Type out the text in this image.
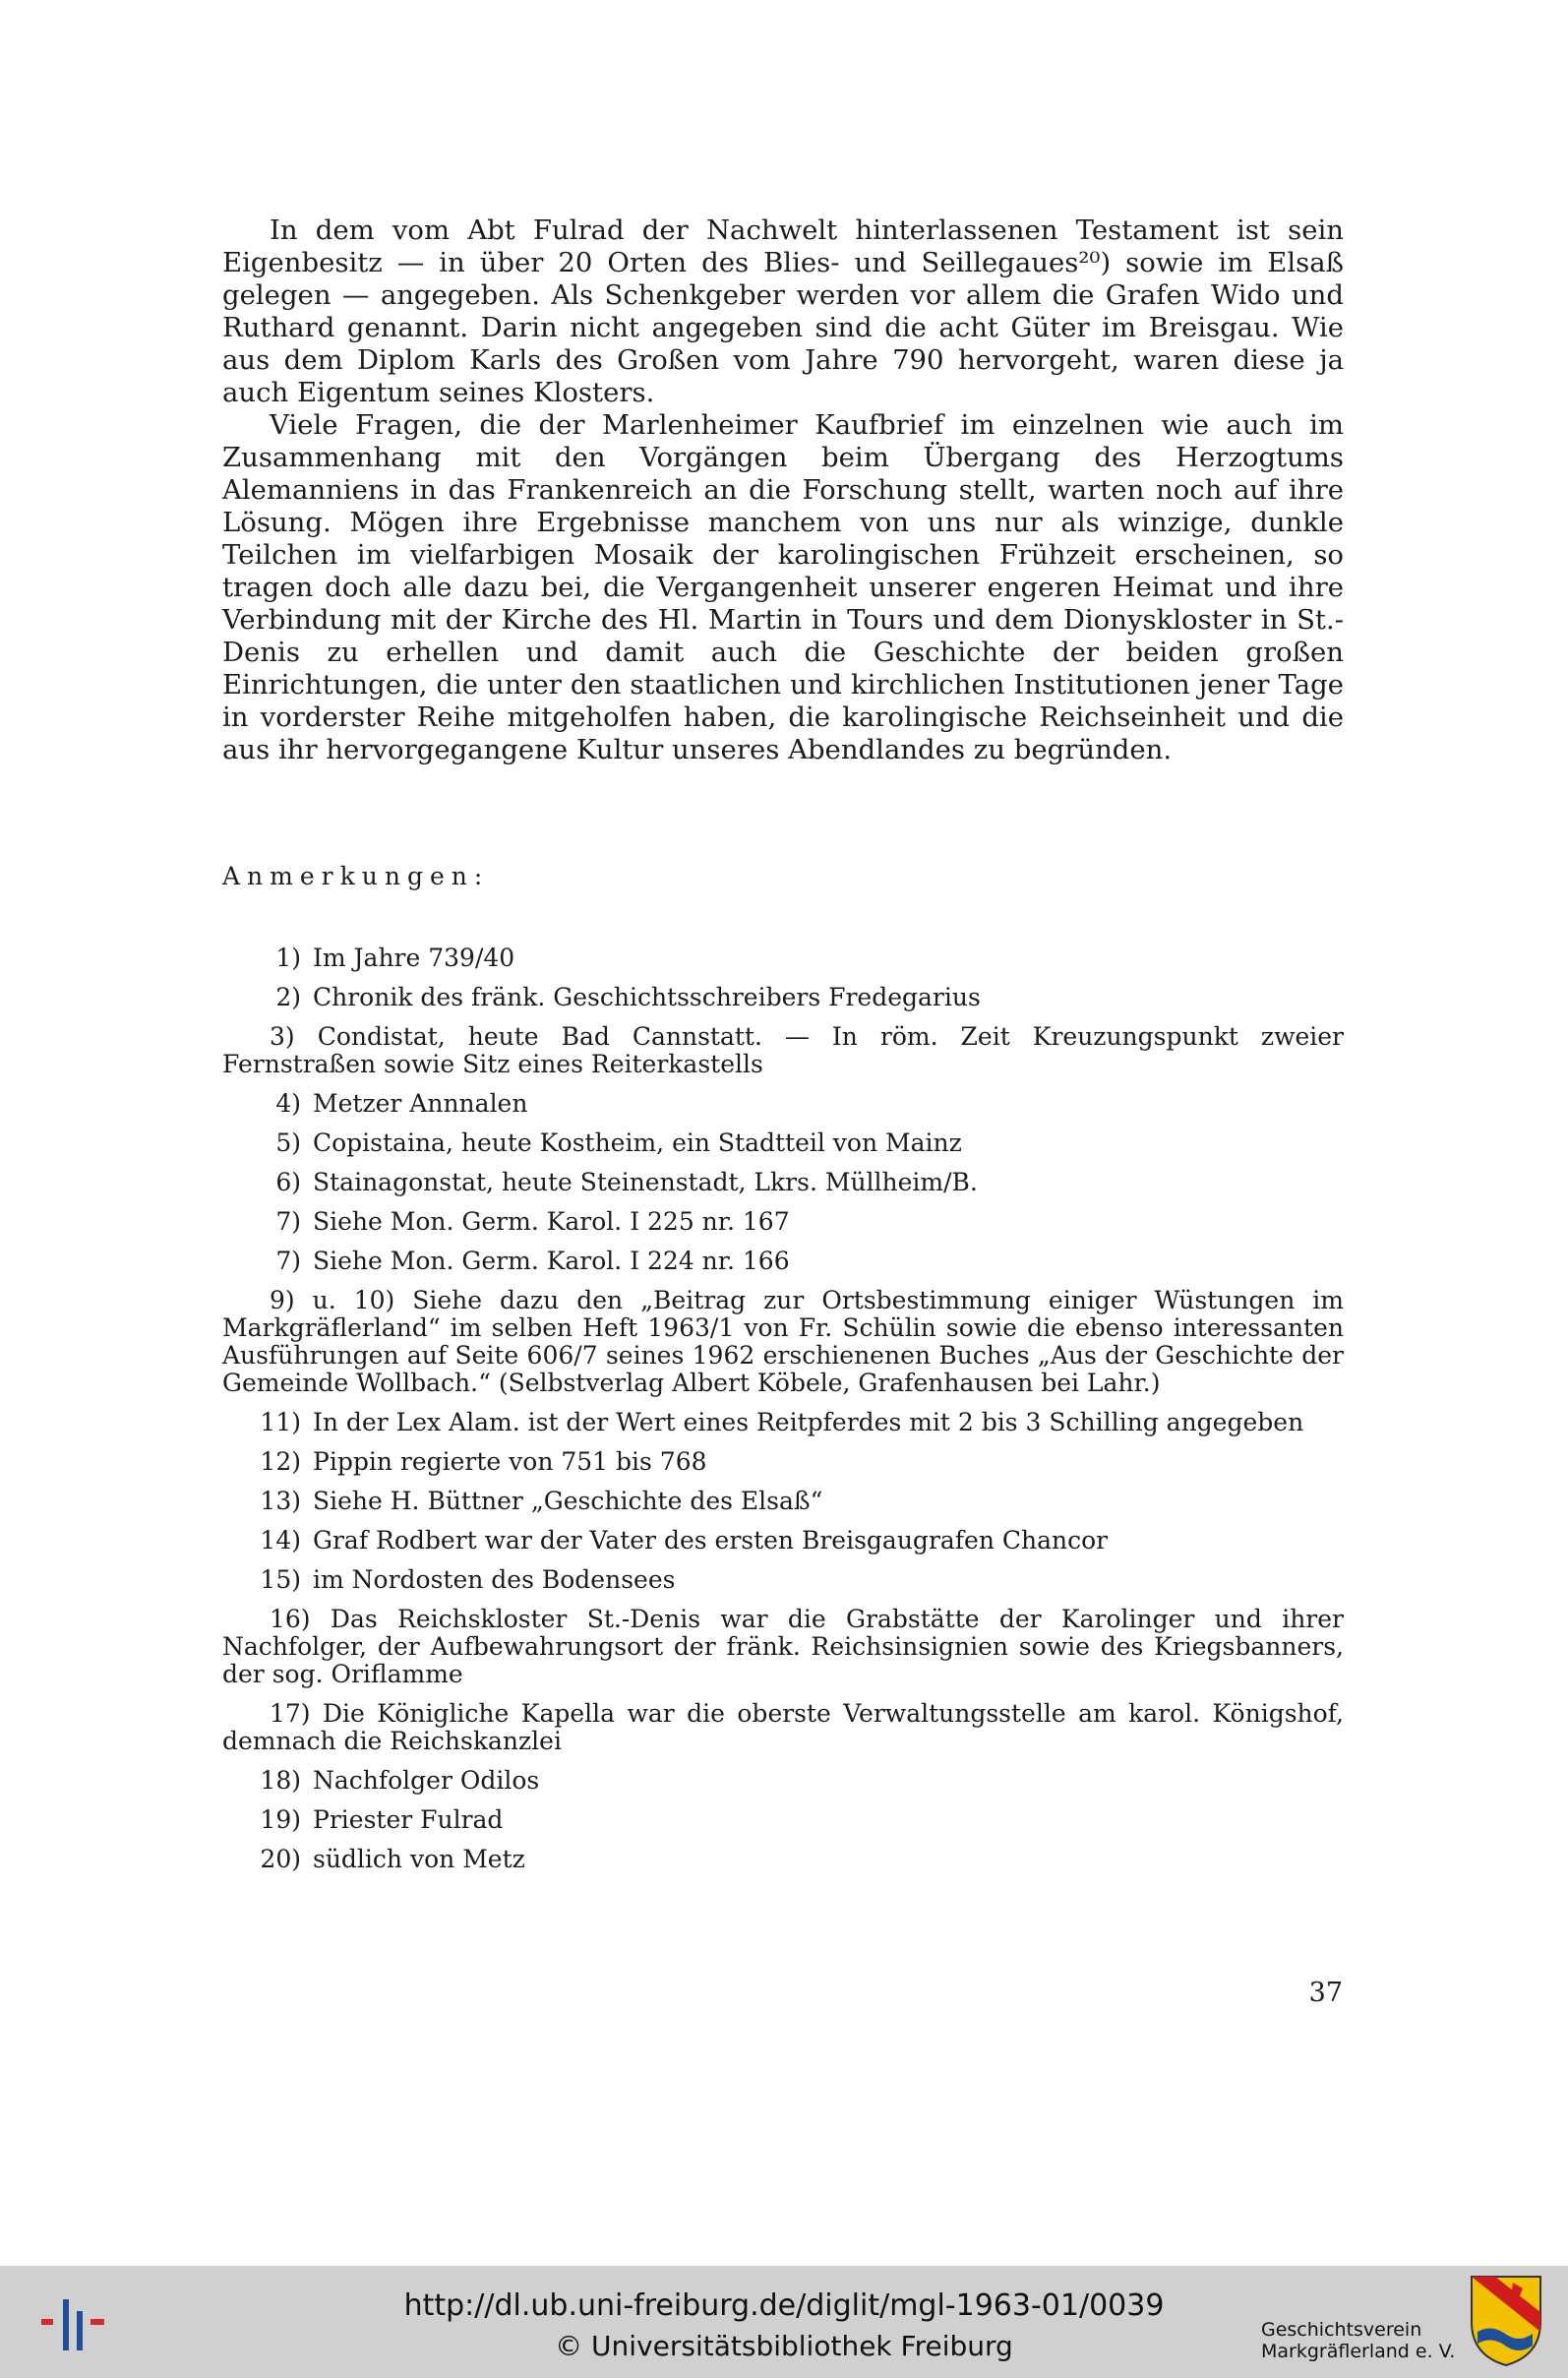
In dem vom Abt Fulrad der Nachwelt hinterlassenen Testament ist sein Eigenbesitz — in über 20 Orten des Blies- und Seillegaues²⁰) sowie im Elsaß gelegen — angegeben. Als Schenkgeber werden vor allem die Grafen Wido und Ruthard genannt. Darin nicht angegeben sind die acht Güter im Breisgau. Wie aus dem Diplom Karls des Großen vom Jahre 790 hervorgeht, waren diese ja auch Eigentum seines Klosters.

Viele Fragen, die der Marlenheimer Kaufbrief im einzelnen wie auch im Zusammenhang mit den Vorgängen beim Übergang des Herzogtums Alemanniens in das Frankenreich an die Forschung stellt, warten noch auf ihre Lösung. Mögen ihre Ergebnisse manchem von uns nur als winzige, dunkle Teilchen im vielfarbigen Mosaik der karolingischen Frühzeit erscheinen, so tragen doch alle dazu bei, die Vergangenheit unserer engeren Heimat und ihre Verbindung mit der Kirche des Hl. Martin in Tours und dem Dionyskloster in St.-Denis zu erhellen und damit auch die Geschichte der beiden großen Einrichtungen, die unter den staatlichen und kirchlichen Institutionen jener Tage in vorderster Reihe mitgeholfen haben, die karolingische Reichseinheit und die aus ihr hervorgegangene Kultur unseres Abendlandes zu begründen.

Anmerkungen:
1) Im Jahre 739/40
2) Chronik des fränk. Geschichtsschreibers Fredegarius
3) Condistat, heute Bad Cannstatt. — In röm. Zeit Kreuzungspunkt zweier Fernstraßen sowie Sitz eines Reiterkastells
4) Metzer Annnalen
5) Copistaina, heute Kostheim, ein Stadtteil von Mainz
6) Stainagonstat, heute Steinenstadt, Lkrs. Müllheim/B.
7) Siehe Mon. Germ. Karol. I 225 nr. 167
7) Siehe Mon. Germ. Karol. I 224 nr. 166
9) u. 10) Siehe dazu den „Beitrag zur Ortsbestimmung einiger Wüstungen im Markgräflerland“ im selben Heft 1963/1 von Fr. Schülin sowie die ebenso interessanten Ausführungen auf Seite 606/7 seines 1962 erschienenen Buches „Aus der Geschichte der Gemeinde Wollbach.“ (Selbstverlag Albert Köbele, Grafenhausen bei Lahr.)
11) In der Lex Alam. ist der Wert eines Reitpferdes mit 2 bis 3 Schilling angegeben
12) Pippin regierte von 751 bis 768
13) Siehe H. Büttner „Geschichte des Elsaß“
14) Graf Rodbert war der Vater des ersten Breisgaugrafen Chancor
15) im Nordosten des Bodensees
16) Das Reichskloster St.-Denis war die Grabstätte der Karolinger und ihrer Nachfolger, der Aufbewahrungsort der fränk. Reichsinsignien sowie des Kriegsbanners, der sog. Oriflamme
17) Die Königliche Kapella war die oberste Verwaltungsstelle am karol. Königshof, demnach die Reichskanzlei
18) Nachfolger Odilos
19) Priester Fulrad
20) südlich von Metz
37
http://dl.ub.uni-freiburg.de/diglit/mgl-1963-01/0039
© Universitätsbibliothek Freiburg	Geschichtsverein
Markgräflerland e. V.
